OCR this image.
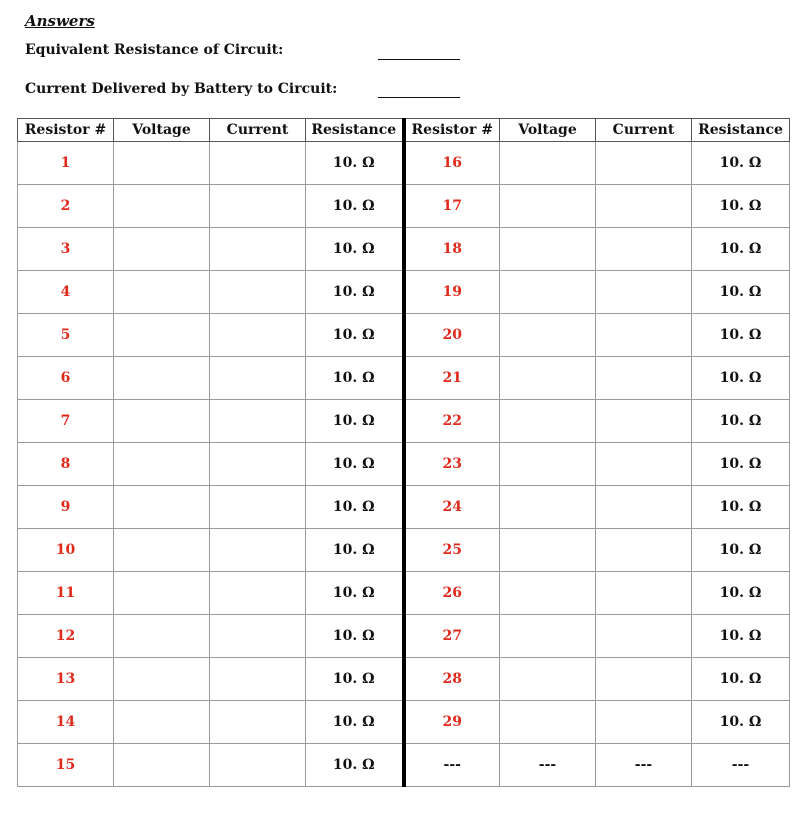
Answers
Equivalent Resistance of Circuit:
Current Delivered by Battery to Circuit:
Resistor #	Voltage	Current	Resistance	Resistor #	Voltage	Current	Resistance
1			10. Ω	16			10. Ω
2			10. Ω	17			10. Ω
3			10. Ω	18			10. Ω
4			10. Ω	19			10. Ω
5			10. Ω	20			10. Ω
6			10. Ω	21			10. Ω
7			10. Ω	22			10. Ω
8			10. Ω	23			10. Ω
9			10. Ω	24			10. Ω
10			10. Ω	25			10. Ω
11			10. Ω	26			10. Ω
12			10. Ω	27			10. Ω
13			10. Ω	28			10. Ω
14			10. Ω	29			10. Ω
15			10. Ω	---	---	---	---
